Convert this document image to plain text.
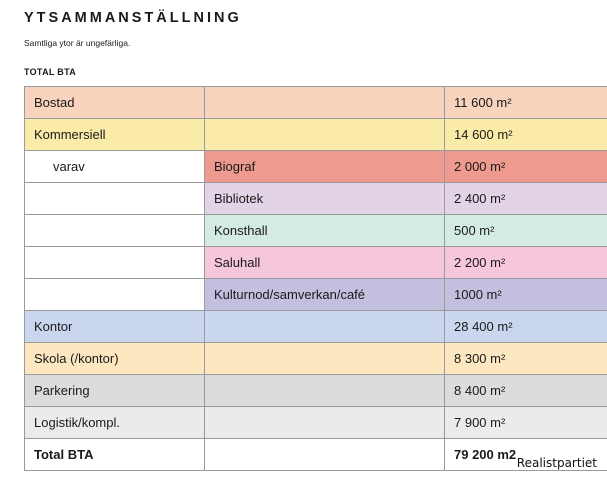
YTSAMMANSTÄLLNING
Samtliga ytor är ungefärliga.
TOTAL BTA
Bostad		11 600 m²
Kommersiell		14 600 m²
varav	Biograf	2 000 m²
	Bibliotek	2 400 m²
	Konsthall	500 m²
	Saluhall	2 200 m²
	Kulturnod/samverkan/café	1000 m²
Kontor		28 400 m²
Skola (/kontor)		8 300 m²
Parkering		8 400 m²
Logistik/kompl.		7 900 m²
Total BTA		79 200 m2
Realistpartiet
